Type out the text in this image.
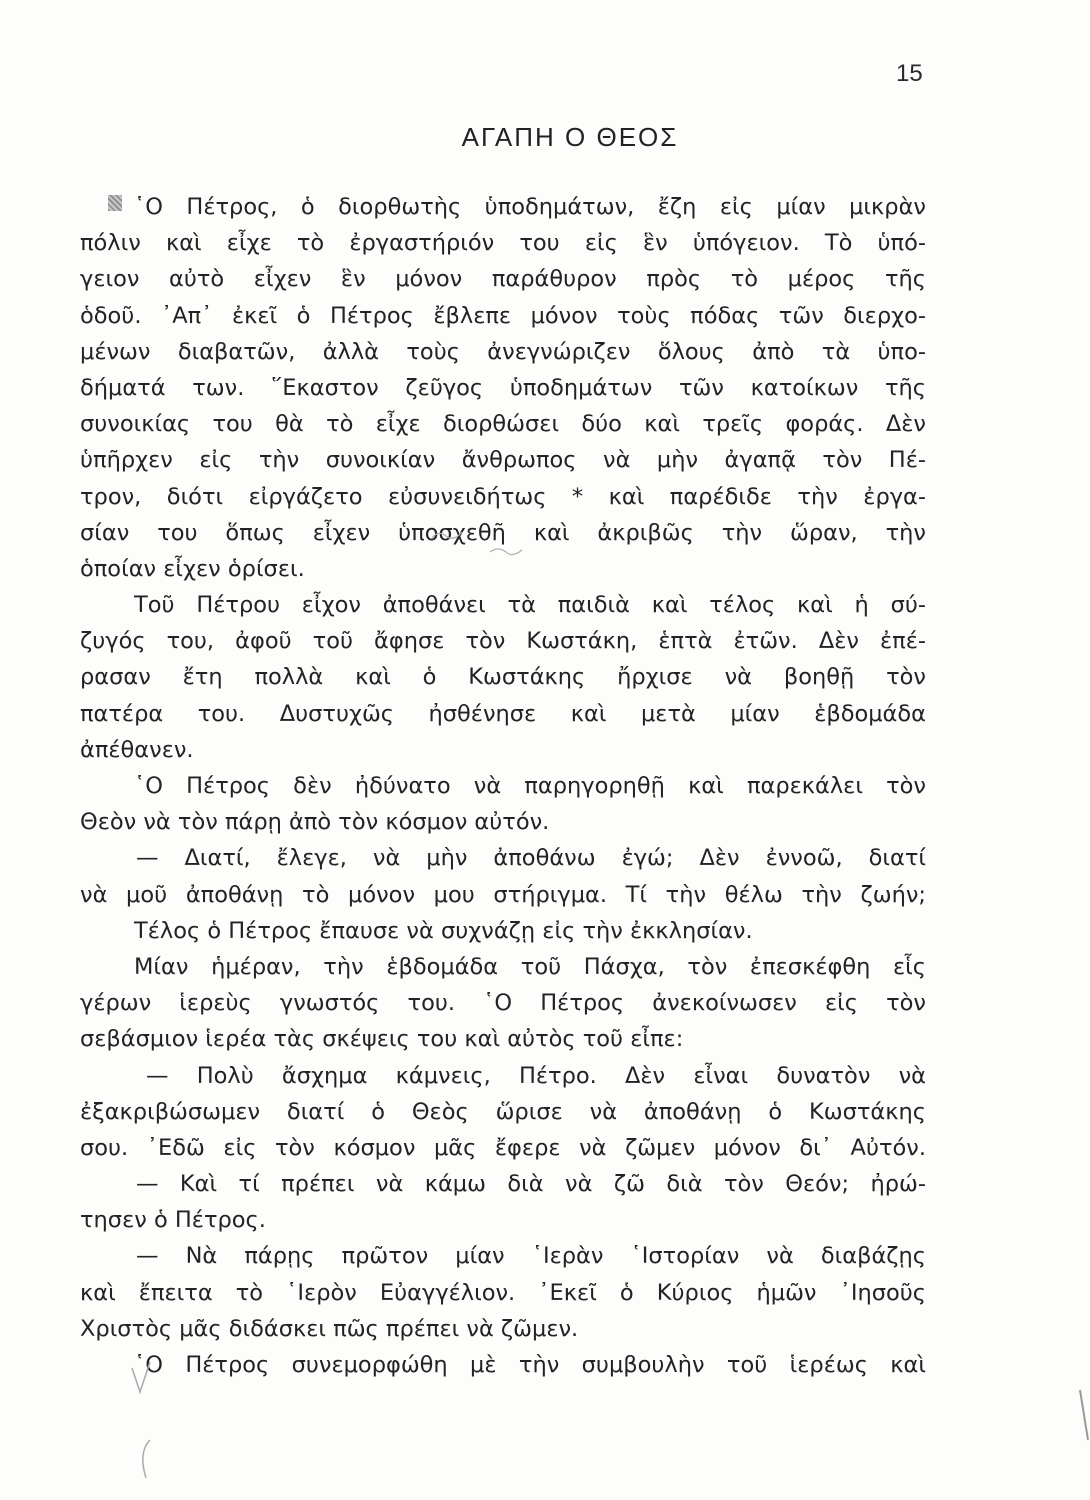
15
ΑΓΑΠΗ Ο ΘΕΟΣ
῾Ο Πέτρος, ὁ διορθωτὴς ὑποδημάτων, ἔζη εἰς μίαν μικρὰν
πόλιν καὶ εἶχε τὸ ἐργαστήριόν του εἰς ἓν ὑπόγειον. Τὸ ὑπό-
γειον αὐτὸ εἶχεν ἓν μόνον παράθυρον πρὸς τὸ μέρος τῆς
ὁδοῦ. ᾿Απ᾿ ἐκεῖ ὁ Πέτρος ἔβλεπε μόνον τοὺς πόδας τῶν διερχο-
μένων διαβατῶν, ἀλλὰ τοὺς ἀνεγνώριζεν ὅλους ἀπὸ τὰ ὑπο-
δήματά των. ῞Εκαστον ζεῦγος ὑποδημάτων τῶν κατοίκων τῆς
συνοικίας του θὰ τὸ εἶχε διορθώσει δύο καὶ τρεῖς φοράς. Δὲν
ὑπῆρχεν εἰς τὴν συνοικίαν ἄνθρωπος νὰ μὴν ἀγαπᾷ τὸν Πέ-
τρον, διότι εἰργάζετο εὐσυνειδήτως * καὶ παρέδιδε τὴν ἐργα-
σίαν του ὅπως εἶχεν ὑποσχεθῆ καὶ ἀκριβῶς τὴν ὥραν, τὴν
ὁποίαν εἶχεν ὁρίσει.
Τοῦ Πέτρου εἶχον ἀποθάνει τὰ παιδιὰ καὶ τέλος καὶ ἡ σύ-
ζυγός του, ἀφοῦ τοῦ ἄφησε τὸν Κωστάκη, ἑπτὰ ἐτῶν. Δὲν ἐπέ-
ρασαν ἔτη πολλὰ καὶ ὁ Κωστάκης ἤρχισε νὰ βοηθῇ τὸν
πατέρα του. Δυστυχῶς ἠσθένησε καὶ μετὰ μίαν ἑβδομάδα
ἀπέθανεν.
῾Ο Πέτρος δὲν ἠδύνατο νὰ παρηγορηθῇ καὶ παρεκάλει τὸν
Θεὸν νὰ τὸν πάρῃ ἀπὸ τὸν κόσμον αὐτόν.
— Διατί, ἔλεγε, νὰ μὴν ἀποθάνω ἐγώ; Δὲν ἐννοῶ, διατί
νὰ μοῦ ἀποθάνῃ τὸ μόνον μου στήριγμα. Τί τὴν θέλω τὴν ζωήν;
Τέλος ὁ Πέτρος ἔπαυσε νὰ συχνάζῃ εἰς τὴν ἐκκλησίαν.
Μίαν ἡμέραν, τὴν ἑβδομάδα τοῦ Πάσχα, τὸν ἐπεσκέφθη εἷς
γέρων ἱερεὺς γνωστός του. ῾Ο Πέτρος ἀνεκοίνωσεν εἰς τὸν
σεβάσμιον ἱερέα τὰς σκέψεις του καὶ αὐτὸς τοῦ εἶπε:
— Πολὺ ἄσχημα κάμνεις, Πέτρο. Δὲν εἶναι δυνατὸν νὰ
ἐξακριβώσωμεν διατί ὁ Θεὸς ὥρισε νὰ ἀποθάνῃ ὁ Κωστάκης
σου. ᾿Εδῶ εἰς τὸν κόσμον μᾶς ἔφερε νὰ ζῶμεν μόνον δι᾿ Αὐτόν.
— Καὶ τί πρέπει νὰ κάμω διὰ νὰ ζῶ διὰ τὸν Θεόν; ἠρώ-
τησεν ὁ Πέτρος.
— Νὰ πάρῃς πρῶτον μίαν ῾Ιερὰν ῾Ιστορίαν νὰ διαβάζῃς
καὶ ἔπειτα τὸ ῾Ιερὸν Εὐαγγέλιον. ᾿Εκεῖ ὁ Κύριος ἡμῶν ᾿Ιησοῦς
Χριστὸς μᾶς διδάσκει πῶς πρέπει νὰ ζῶμεν.
῾Ο Πέτρος συνεμορφώθη μὲ τὴν συμβουλὴν τοῦ ἱερέως καὶ
